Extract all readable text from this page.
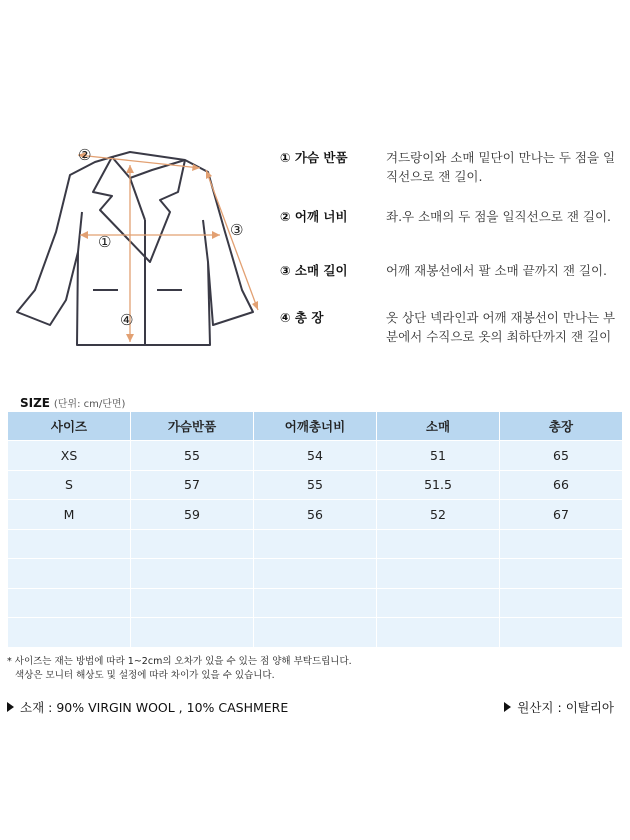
②
①
③
④
① 가슴 반품	겨드랑이와 소매 밑단이 만나는 두 점을 일직선으로 잰 길이.
② 어깨 너비	좌.우 소매의 두 점을 일직선으로 잰 길이.
③ 소매 길이	어깨 재봉선에서 팔 소매 끝까지 잰 길이.
④ 총 장	옷 상단 넥라인과 어깨 재봉선이 만나는 부분에서 수직으로 옷의 최하단까지 잰 길이
SIZE (단위: cm/단면)
사이즈	가슴반품	어깨총너비	소매	총장
XS	55	54	51	65
S	57	55	51.5	66
M	59	56	52	67

* 사이즈는 재는 방법에 따라 1~2cm의 오차가 있을 수 있는 점 양해 부탁드립니다.
색상은 모니터 해상도 및 설정에 따라 차이가 있을 수 있습니다.
소재 : 90% VIRGIN WOOL , 10% CASHMERE	원산지 : 이탈리아
